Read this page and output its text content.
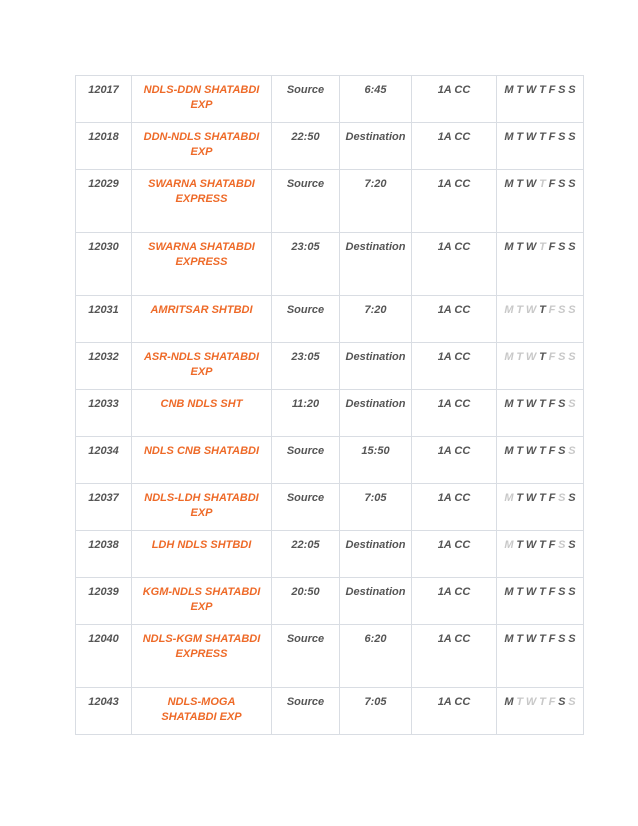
12017	NDLS-DDN SHATABDI EXP	Source	6:45	1A CC	M T W T F S S
12018	DDN-NDLS SHATABDI EXP	22:50	Destination	1A CC	M T W T F S S
12029	SWARNA SHATABDI EXPRESS	Source	7:20	1A CC	M T W T F S S
12030	SWARNA SHATABDI EXPRESS	23:05	Destination	1A CC	M T W T F S S
12031	AMRITSAR SHTBDI	Source	7:20	1A CC	M T W T F S S
12032	ASR-NDLS SHATABDI EXP	23:05	Destination	1A CC	M T W T F S S
12033	CNB NDLS SHT	11:20	Destination	1A CC	M T W T F S S
12034	NDLS CNB SHATABDI	Source	15:50	1A CC	M T W T F S S
12037	NDLS-LDH SHATABDI EXP	Source	7:05	1A CC	M T W T F S S
12038	LDH NDLS SHTBDI	22:05	Destination	1A CC	M T W T F S S
12039	KGM-NDLS SHATABDI EXP	20:50	Destination	1A CC	M T W T F S S
12040	NDLS-KGM SHATABDI EXPRESS	Source	6:20	1A CC	M T W T F S S
12043	NDLS-MOGA SHATABDI EXP	Source	7:05	1A CC	M T W T F S S
